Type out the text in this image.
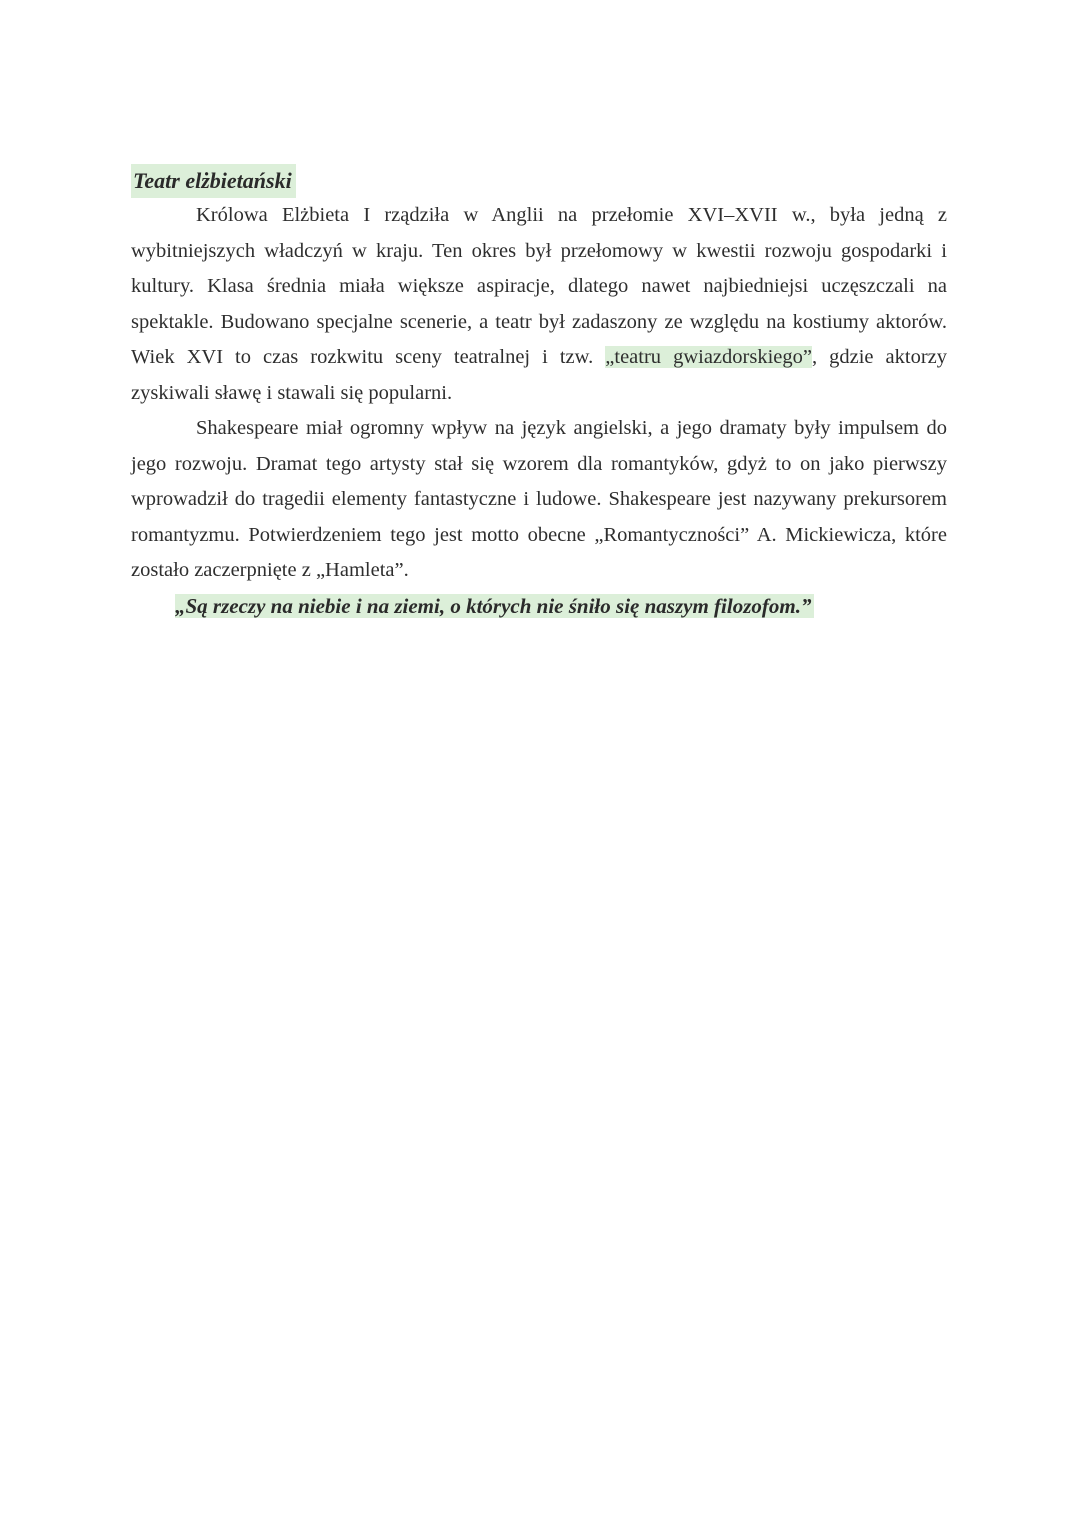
Teatr elżbietański

Królowa Elżbieta I rządziła w Anglii na przełomie XVI–XVII w., była jedną z wybitniejszych władczyń w kraju. Ten okres był przełomowy w kwestii rozwoju gospodarki i kultury. Klasa średnia miała większe aspiracje, dlatego nawet najbiedniejsi uczęszczali na spektakle. Budowano specjalne scenerie, a teatr był zadaszony ze względu na kostiumy aktorów. Wiek XVI to czas rozkwitu sceny teatralnej i tzw. „teatru gwiazdorskiego”, gdzie aktorzy zyskiwali sławę i stawali się popularni.

Shakespeare miał ogromny wpływ na język angielski, a jego dramaty były impulsem do jego rozwoju. Dramat tego artysty stał się wzorem dla romantyków, gdyż to on jako pierwszy wprowadził do tragedii elementy fantastyczne i ludowe. Shakespeare jest nazywany prekursorem romantyzmu. Potwierdzeniem tego jest motto obecne „Romantyczności” A. Mickiewicza, które zostało zaczerpnięte z „Hamleta”.

„Są rzeczy na niebie i na ziemi, o których nie śniło się naszym filozofom.”
